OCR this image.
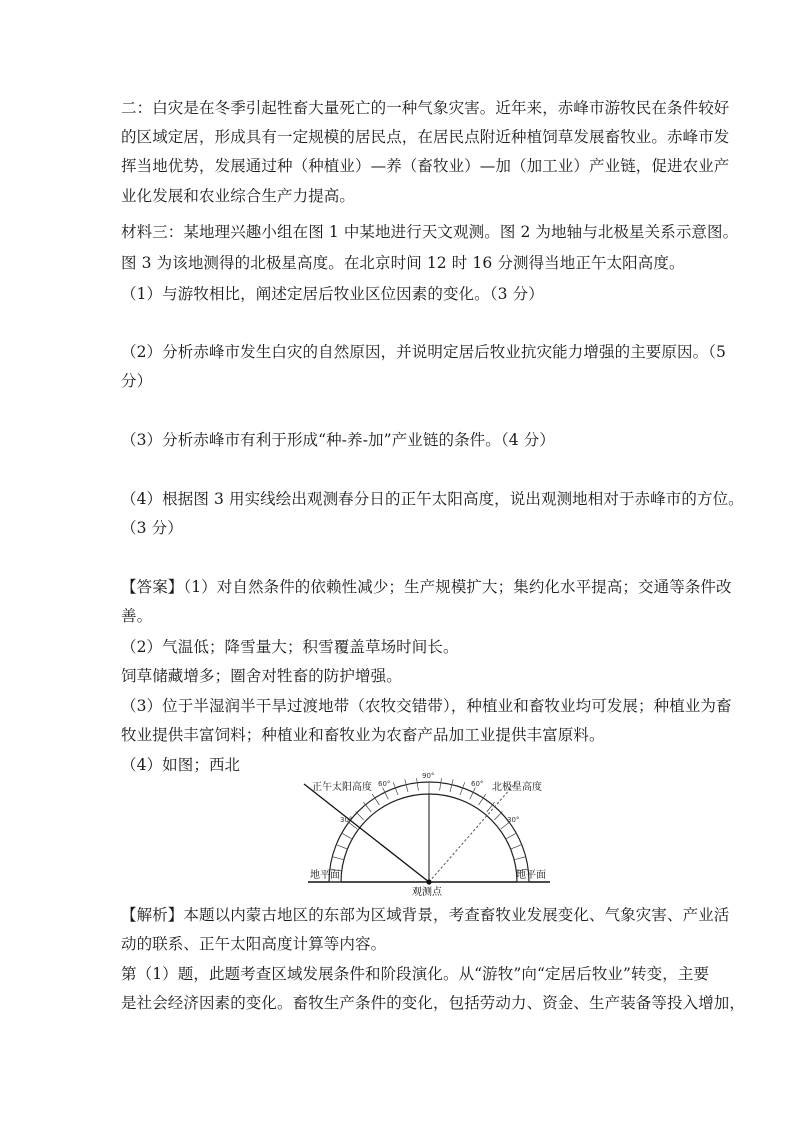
二：白灾是在冬季引起牲畜大量死亡的一种气象灾害。近年来，赤峰市游牧民在条件较好
的区域定居，形成具有一定规模的居民点，在居民点附近种植饲草发展畜牧业。赤峰市发
挥当地优势，发展通过种（种植业）—养（畜牧业）—加（加工业）产业链，促进农业产
业化发展和农业综合生产力提高。
材料三：某地理兴趣小组在图 1 中某地进行天文观测。图 2 为地轴与北极星关系示意图。
图 3 为该地测得的北极星高度。在北京时间 12 时 16 分测得当地正午太阳高度。
（1）与游牧相比，阐述定居后牧业区位因素的变化。（3 分）
（2）分析赤峰市发生白灾的自然原因，并说明定居后牧业抗灾能力增强的主要原因。（5
分）
（3）分析赤峰市有利于形成“种-养-加”产业链的条件。（4 分）
（4）根据图 3 用实线绘出观测春分日的正午太阳高度，说出观测地相对于赤峰市的方位。
（3 分）
【答案】（1）对自然条件的依赖性减少；生产规模扩大；集约化水平提高；交通等条件改
善。
（2）气温低；降雪量大；积雪覆盖草场时间长。
饲草储藏增多；圈舍对牲畜的防护增强。
（3）位于半湿润半干旱过渡地带（农牧交错带），种植业和畜牧业均可发展；种植业为畜
牧业提供丰富饲料；种植业和畜牧业为农畜产品加工业提供丰富原料。
（4）如图；西北
正午太阳高度	北极星高度
地平面	地平面
观测点
90°
60°	60°
30°	30°
【解析】本题以内蒙古地区的东部为区域背景，考查畜牧业发展变化、气象灾害、产业活
动的联系、正午太阳高度计算等内容。
第（1）题，此题考查区域发展条件和阶段演化。从“游牧”向“定居后牧业”转变，主要
是社会经济因素的变化。畜牧生产条件的变化，包括劳动力、资金、生产装备等投入增加，
